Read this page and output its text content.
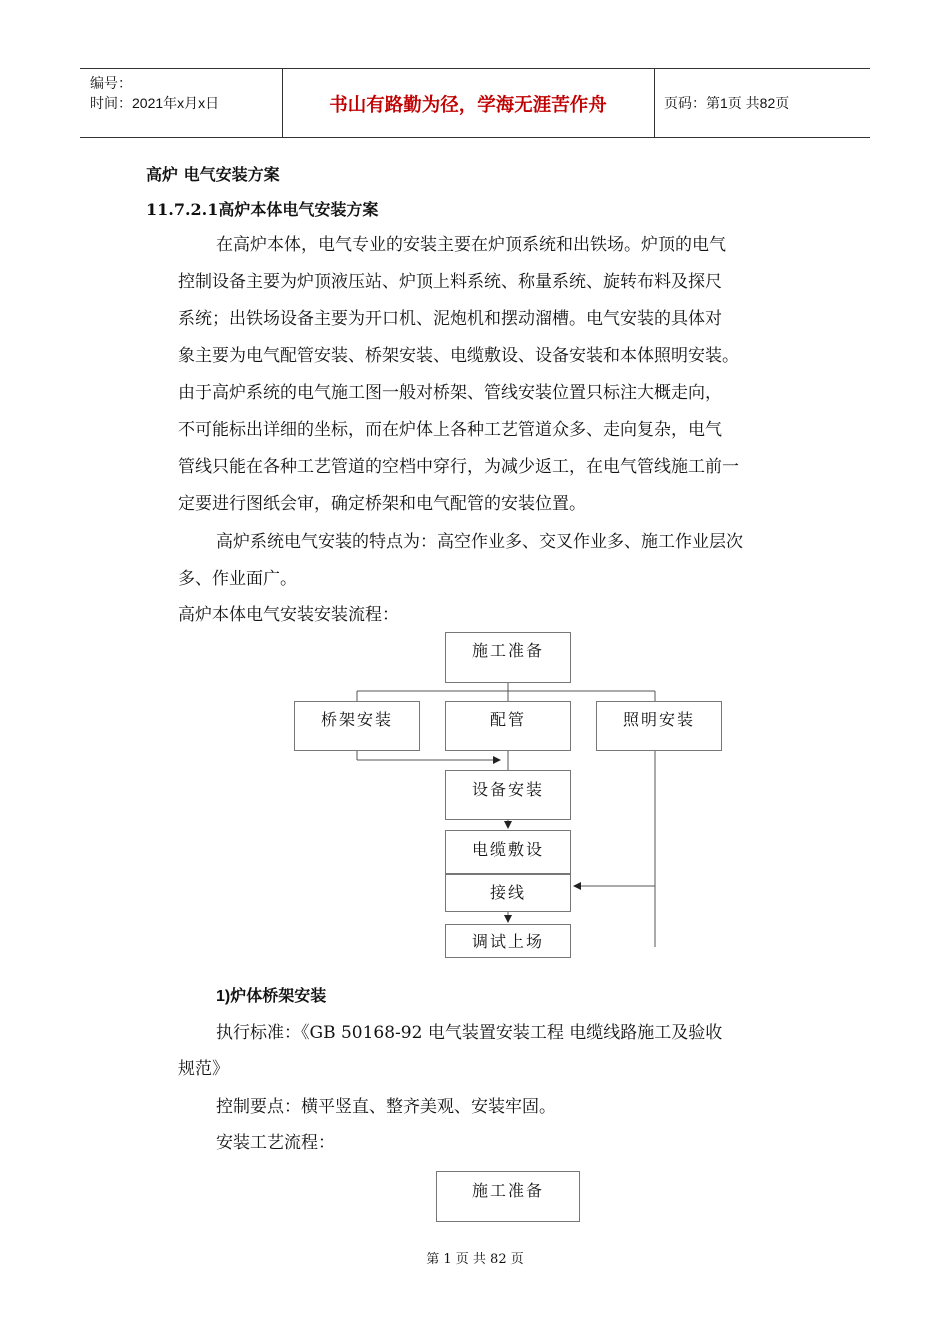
编号：
时间：2021年x月x日	书山有路勤为径，学海无涯苦作舟	页码：第1页 共82页
高炉 电气安装方案
11.7.2.1高炉本体电气安装方案
在高炉本体，电气专业的安装主要在炉顶系统和出铁场。炉顶的电气
控制设备主要为炉顶液压站、炉顶上料系统、称量系统、旋转布料及探尺
系统；出铁场设备主要为开口机、泥炮机和摆动溜槽。电气安装的具体对
象主要为电气配管安装、桥架安装、电缆敷设、设备安装和本体照明安装。
由于高炉系统的电气施工图一般对桥架、管线安装位置只标注大概走向，
不可能标出详细的坐标，而在炉体上各种工艺管道众多、走向复杂，电气
管线只能在各种工艺管道的空档中穿行，为减少返工，在电气管线施工前一
定要进行图纸会审，确定桥架和电气配管的安装位置。
高炉系统电气安装的特点为：高空作业多、交叉作业多、施工作业层次
多、作业面广。
高炉本体电气安装安装流程：
施工准备
桥架安装	配管	照明安装
设备安装
电缆敷设
接线
调试上场
1)炉体桥架安装
执行标准：《GB 50168-92 电气装置安装工程 电缆线路施工及验收
规范》
控制要点：横平竖直、整齐美观、安装牢固。
安装工艺流程：
施工准备
第 1 页 共 82 页
